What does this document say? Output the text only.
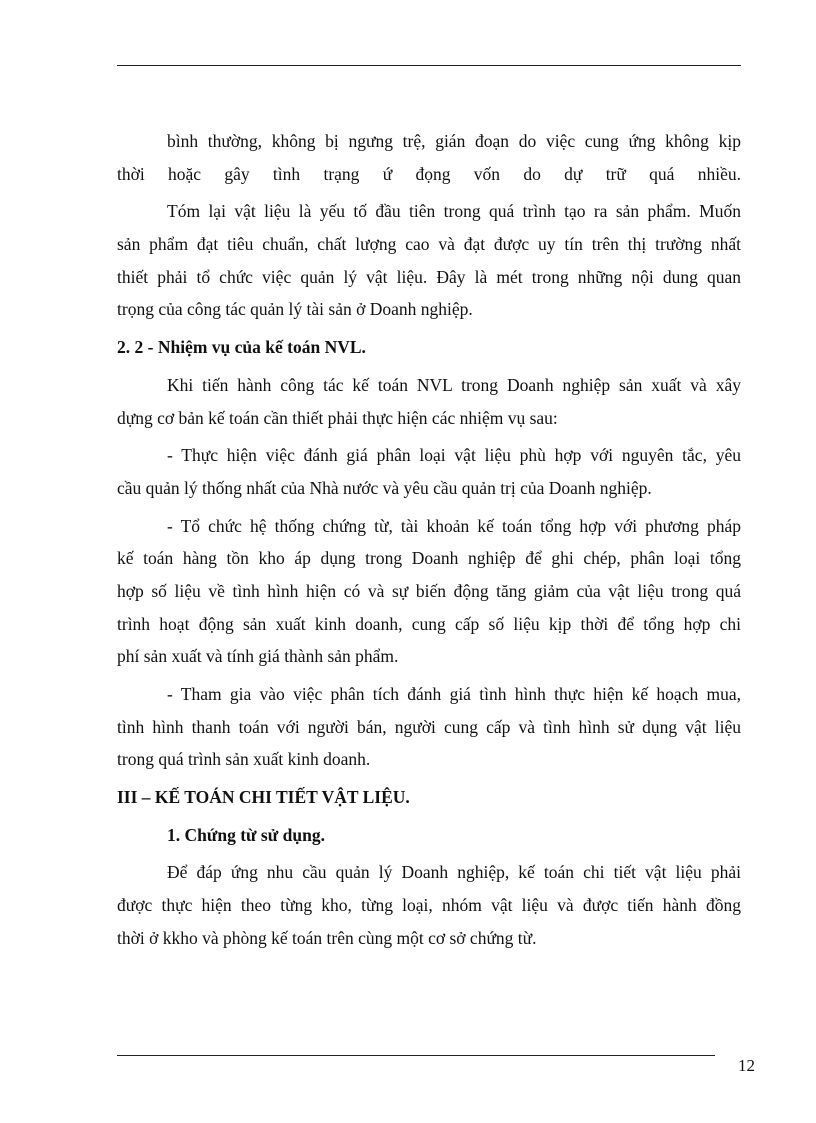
bình thường, không bị ngưng trệ, gián đoạn do việc cung ứng không kịp
thời hoặc gây tình trạng ứ đọng vốn do dự trữ quá nhiều.
Tóm lại vật liệu là yếu tố đầu tiên trong quá trình tạo ra sản phẩm. Muốn
sản phẩm đạt tiêu chuẩn, chất lượng cao và đạt được uy tín trên thị trường nhất
thiết phải tổ chức việc quản lý vật liệu. Đây là mét trong những nội dung quan
trọng của công tác quản lý tài sản ở Doanh nghiệp.
2. 2 - Nhiệm vụ của kế toán NVL.
Khi tiến hành công tác kế toán NVL trong Doanh nghiệp sản xuất và xây
dựng cơ bản kế toán cần thiết phải thực hiện các nhiệm vụ sau:
- Thực hiện việc đánh giá phân loại vật liệu phù hợp với nguyên tắc, yêu
cầu quản lý thống nhất của Nhà nước và yêu cầu quản trị của Doanh nghiệp.
- Tổ chức hệ thống chứng từ, tài khoản kế toán tổng hợp với phương pháp
kế toán hàng tồn kho áp dụng trong Doanh nghiệp để ghi chép, phân loại tổng
hợp số liệu về tình hình hiện có và sự biến động tăng giảm của vật liệu trong quá
trình hoạt động sản xuất kinh doanh, cung cấp số liệu kịp thời để tổng hợp chi
phí sản xuất và tính giá thành sản phẩm.
- Tham gia vào việc phân tích đánh giá tình hình thực hiện kế hoạch mua,
tình hình thanh toán với người bán, người cung cấp và tình hình sử dụng vật liệu
trong quá trình sản xuất kinh doanh.
III – KẾ TOÁN CHI TIẾT VẬT LIỆU.
1. Chứng từ sử dụng.
Để đáp ứng nhu cầu quản lý Doanh nghiệp, kế toán chi tiết vật liệu phải
được thực hiện theo từng kho, từng loại, nhóm vật liệu và được tiến hành đồng
thời ở kkho và phòng kế toán trên cùng một cơ sở chứng từ.
12
